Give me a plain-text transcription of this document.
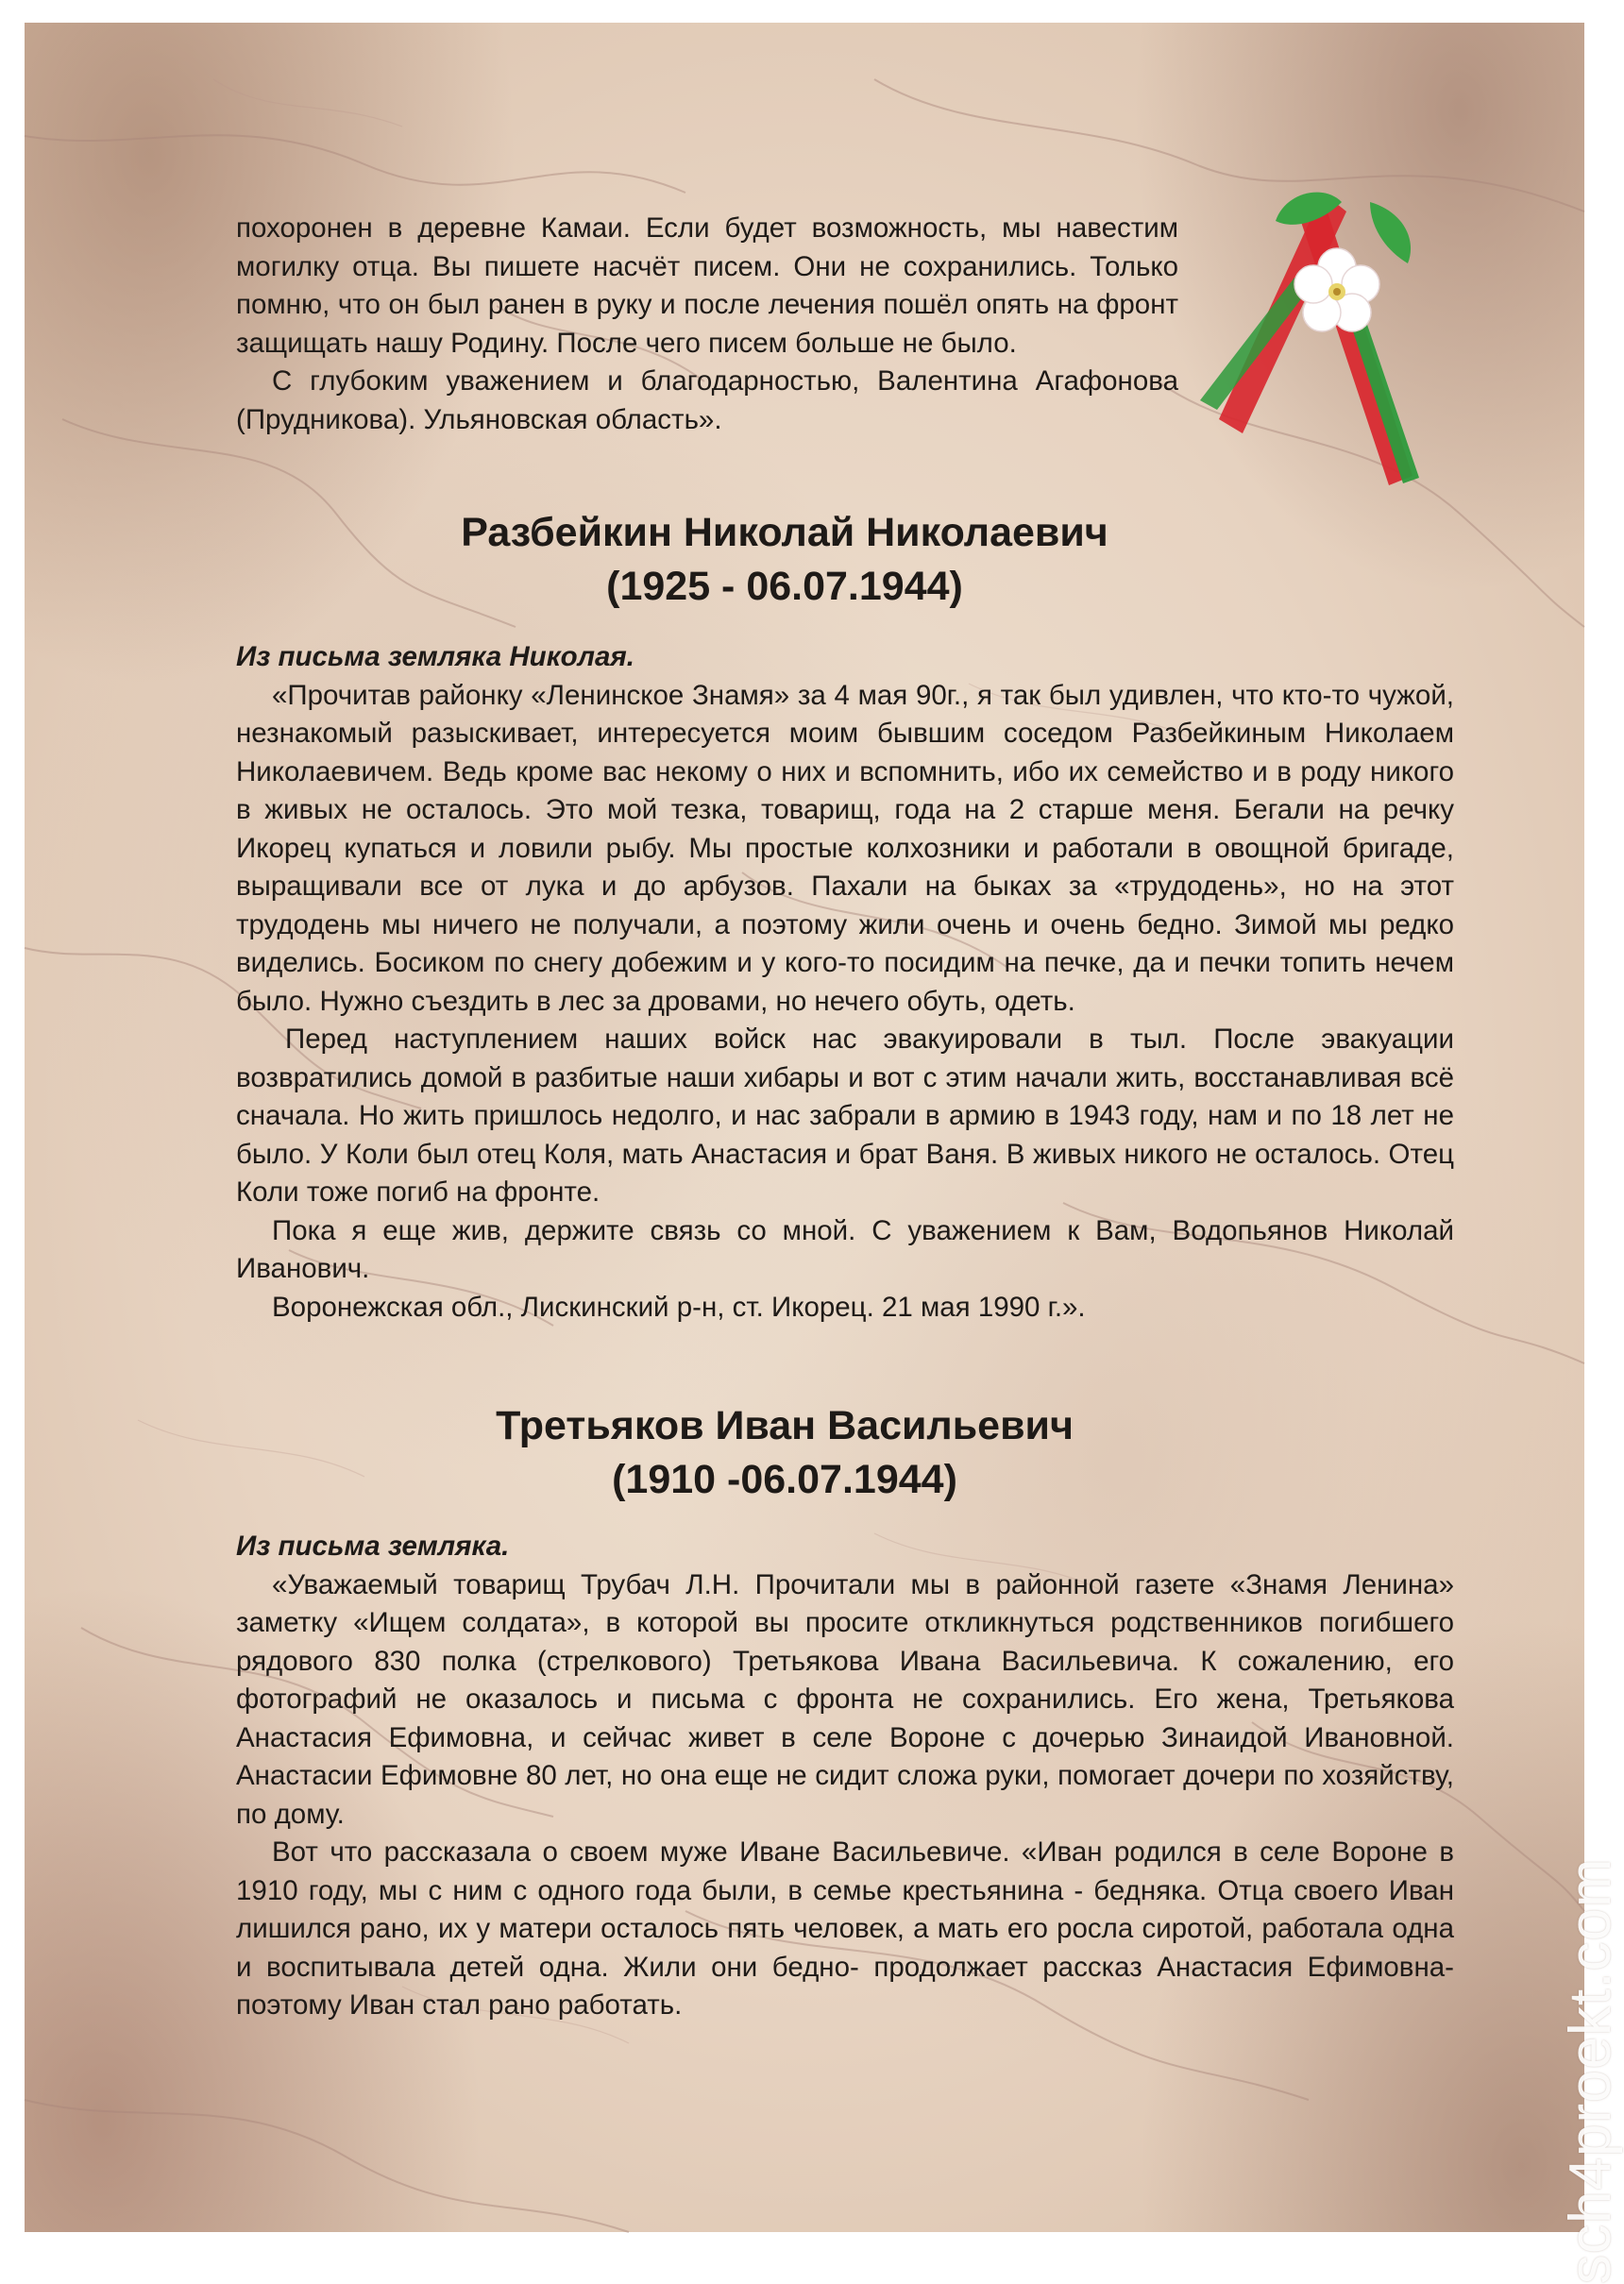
похоронен в деревне Камаи. Если будет возможность, мы навестим могилку отца. Вы пишете насчёт писем. Они не сохранились. Только помню, что он был ранен в руку и после лечения пошёл опять на фронт защищать нашу Родину. После чего писем больше не было.

С глубоким уважением и благодарностью, Валентина Агафонова (Прудникова). Ульяновская область».

Разбейкин Николай Николаевич
(1925 - 06.07.1944)

Из письма земляка Николая.

«Прочитав районку «Ленинское Знамя» за 4 мая 90г., я так был удивлен, что кто-то чужой, незнакомый разыскивает, интересуется моим бывшим соседом Разбейкиным Николаем Николаевичем. Ведь кроме вас некому о них и вспомнить, ибо их семейство и в роду никого в живых не осталось. Это мой тезка, товарищ, года на 2 старше меня. Бегали на речку Икорец купаться и ловили рыбу. Мы простые колхозники и работали в овощной бригаде, выращивали все от лука и до арбузов. Пахали на быках за «трудодень», но на этот трудодень мы ничего не получали, а поэтому жили очень и очень бедно. Зимой мы редко виделись. Босиком по снегу добежим и у кого-то посидим на печке, да и печки топить нечем было. Нужно съездить в лес за дровами, но нечего обуть, одеть.

Перед наступлением наших войск нас эвакуировали в тыл. После эвакуации возвратились домой в разбитые наши хибары и вот с этим начали жить, восстанавливая всё сначала. Но жить пришлось недолго, и нас забрали в армию в 1943 году, нам и по 18 лет не было. У Коли был отец Коля, мать Анастасия и брат Ваня. В живых никого не осталось. Отец Коли тоже погиб на фронте.

Пока я еще жив, держите связь со мной. С уважением к Вам, Водопьянов Николай Иванович.

Воронежская обл., Лискинский р-н, ст. Икорец. 21 мая 1990 г.».

Третьяков Иван Васильевич
(1910 -06.07.1944)

Из письма земляка.

«Уважаемый товарищ Трубач Л.Н. Прочитали мы в районной газете «Знамя Ленина» заметку «Ищем солдата», в которой вы просите откликнуться родственников погибшего рядового 830 полка (стрелкового) Третьякова Ивана Васильевича. К сожалению, его фотографий не оказалось и письма с фронта не сохранились. Его жена, Третьякова Анастасия Ефимовна, и сейчас живет в селе Вороне с дочерью Зинаидой Ивановной. Анастасии Ефимовне 80 лет, но она еще не сидит сложа руки, помогает дочери по хозяйству, по дому.

Вот что рассказала о своем муже Иване Васильевиче. «Иван родился в селе Вороне в 1910 году, мы с ним с одного года были, в семье крестьянина - бедняка. Отца своего Иван лишился рано, их у матери осталось пять человек, а мать его росла сиротой, работала одна и воспитывала детей одна. Жили они бедно- продолжает рассказ Анастасия Ефимовна- поэтому Иван стал рано работать.	sch4proekt.com
